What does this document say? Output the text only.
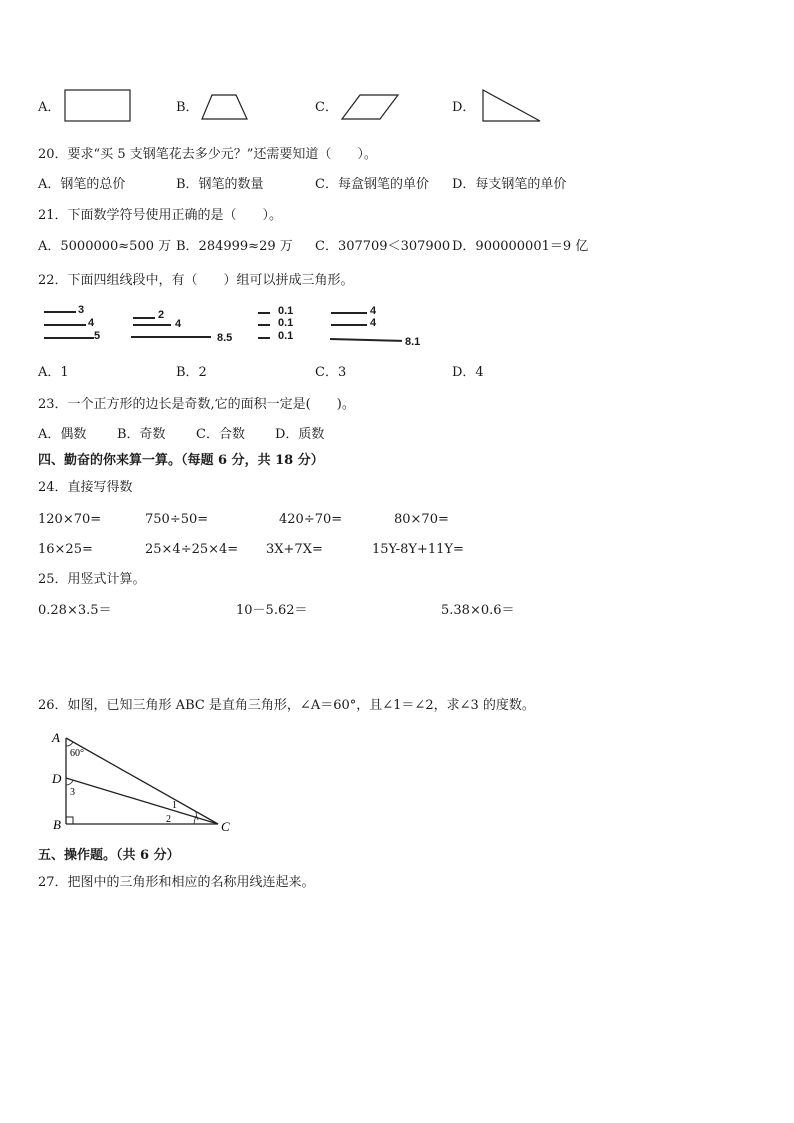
A．	B．	C．	D．
20．要求“买 5 支钢笔花去多少元？”还需要知道（　　）。
A．钢笔的总价	B．钢笔的数量	C．每盒钢笔的单价 D．每支钢笔的单价
21．下面数学符号使用正确的是（　　）。
A．5000000≈500 万 B．284999≈29 万 C．307709＜307900 D．900000001＝9 亿
22．下面四组线段中，有（　　）组可以拼成三角形。
3
4
5
2
4
8.5
0.1
0.1
0.1
4
4
8.1
A．1	B．2	C．3	D．4
23．一个正方形的边长是奇数,它的面积一定是(　　)。
A．偶数 B．奇数 C．合数 D．质数
四、勤奋的你来算一算。（每题 6 分，共 18 分）
24．直接写得数
120×70=	750÷50=	420÷70=	80×70=
16×25=	25×4÷25×4= 3X+7X=	15Y-8Y+11Y=
25．用竖式计算。
0.28×3.5＝	10－5.62＝	5.38×0.6＝
26．如图，已知三角形 ABC 是直角三角形，∠A＝60°，且∠1＝∠2，求∠3 的度数。
A
D
B	C
60°
3
1
2
五、操作题。（共 6 分）
27．把图中的三角形和相应的名称用线连起来。
